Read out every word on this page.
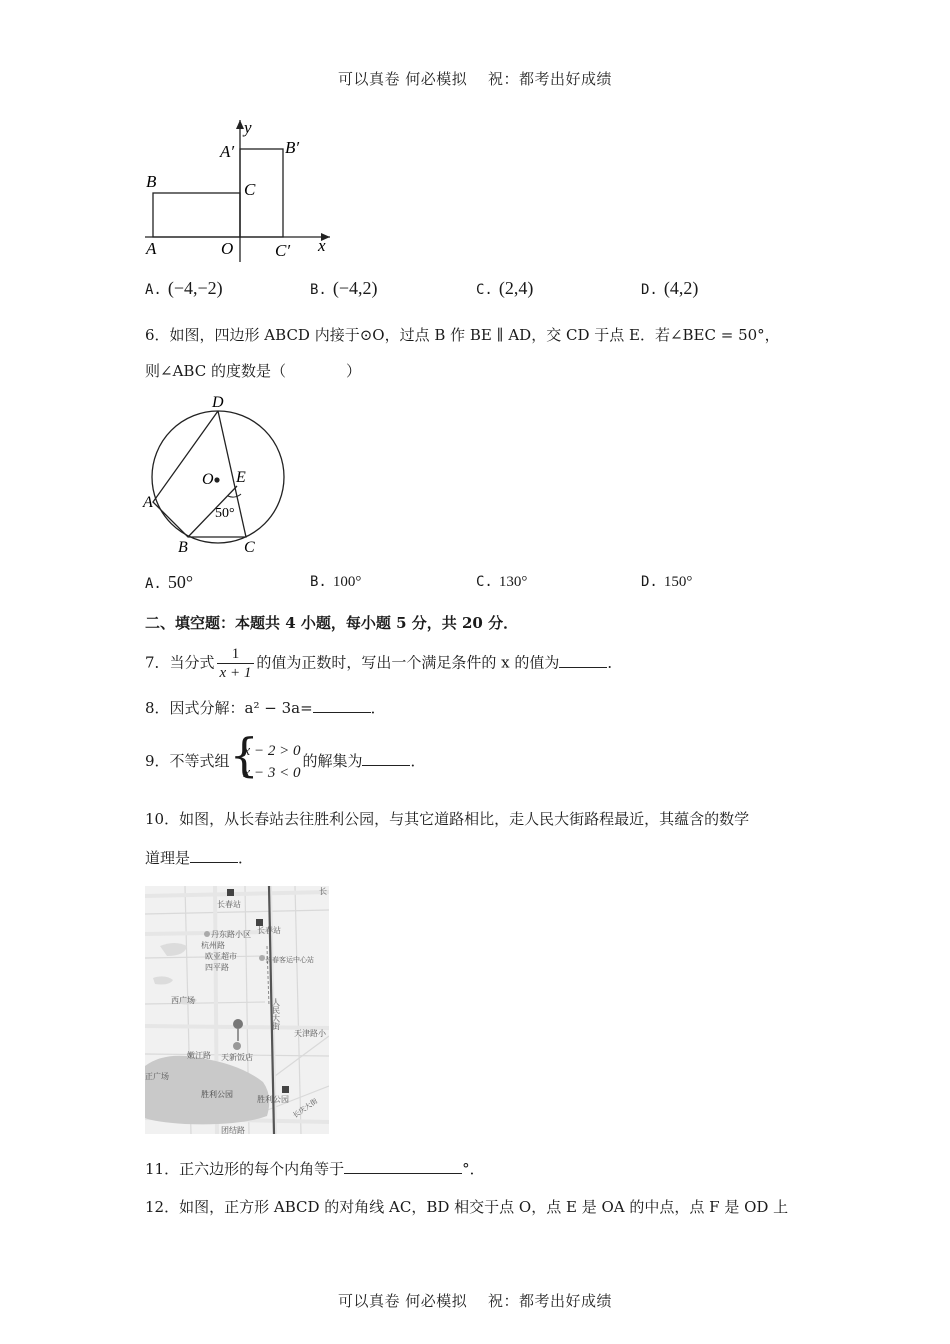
可以真卷 何必模拟　 祝：都考出好成绩
y
x
A′	B′
B	C
A	O C′
A. (−4,−2)	B. (−4,2)	C. (2,4)	D. (4,2)
6．如图，四边形 ABCD 内接于⊙O，过点 B 作 BE ∥ AD，交 CD 于点 E．若∠BEC = 50°，
则∠ABC 的度数是（　　　　）
D
O E
A
50°
B	C
A. 50°	B. 100°	C. 130°	D. 150°
二、填空题：本题共 4 小题，每小题 5 分，共 20 分．
7．当分式 $\frac{1}{x + 1}$ 的值为正数时，写出一个满足条件的 x 的值为	．
8．因式分解：a² − 3a=	．
9．不等式组 {
x − 2 > 0
x − 3 < 0
的解集为	．
10．如图，从长春站去往胜利公园，与其它道路相比，走人民大街路程最近，其蕴含的数学
道理是	．
长春站
长春站
丹东路小区
杭州路
欧亚超市
四平路
长春客运中心站
西广场
天津路小
嫩江路 天新饭店
正广场
胜利公园
胜利公园
团结路
长
人民大街
长庆大街
11．正六边形的每个内角等于	°．
12．如图，正方形 ABCD 的对角线 AC，BD 相交于点 O，点 E 是 OA 的中点，点 F 是 OD 上
可以真卷 何必模拟　 祝：都考出好成绩
